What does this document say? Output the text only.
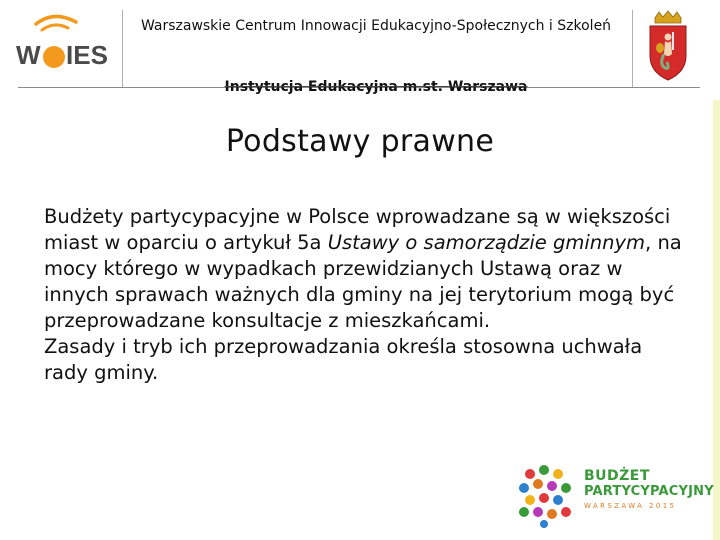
W IES
Warszawskie Centrum Innowacji Edukacyjno-Społecznych i Szkoleń
Instytucja Edukacyjna m.st. Warszawa
Podstawy prawne

Budżety partycypacyjne w Polsce wprowadzane są w większości miast w oparciu o artykuł 5a Ustawy o samorządzie gminnym, na mocy którego w wypadkach przewidzianych Ustawą oraz w innych sprawach ważnych dla gminy na jej terytorium mogą być przeprowadzane konsultacje z mieszkańcami.

Zasady i tryb ich przeprowadzania określa stosowna uchwała rady gminy.

BUDŻET
PARTYCYPACYJNY
WARSZAWA 2015
